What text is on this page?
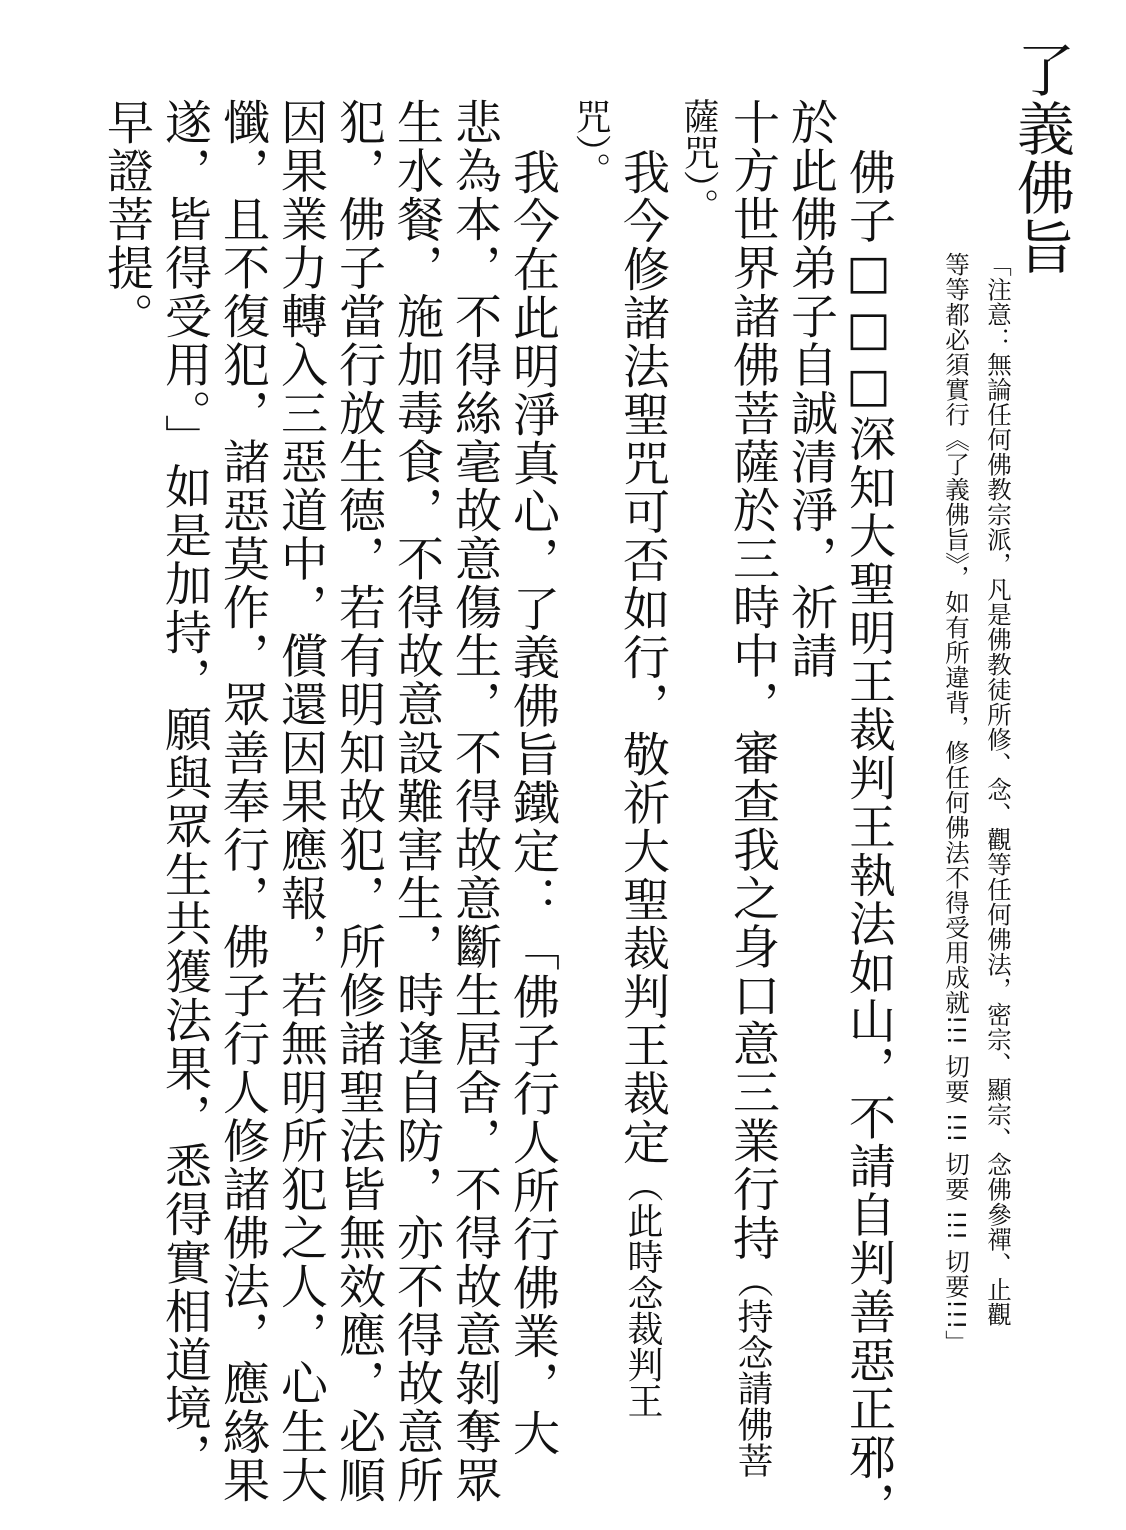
了義佛旨
「注意：無論任何佛教宗派，凡是佛教徒所修、念、觀等任何佛法，密宗、顯宗、念佛參禪、止觀
等等都必須實行《了義佛旨》，如有所違背，修任何佛法不得受用成就!!! 切要 !!! 切要 !!! 切要!!!」
佛子□□□深知大聖明王裁判王執法如山，不請自判善惡正邪，
於此佛弟子自誠清淨，祈請
十方世界諸佛菩薩於三時中，審查我之身口意三業行持（持念請佛菩
薩咒）。
我今修諸法聖咒可否如行，敬祈大聖裁判王裁定（此時念裁判王
咒）。
我今在此明淨真心，了義佛旨鐵定：「佛子行人所行佛業，大
悲為本，不得絲毫故意傷生，不得故意斷生居舍，不得故意剝奪眾
生水餐，施加毒食，不得故意設難害生，時逢自防，亦不得故意所
犯，佛子當行放生德，若有明知故犯，所修諸聖法皆無效應，必順
因果業力轉入三惡道中，償還因果應報，若無明所犯之人，心生大
懺，且不復犯，諸惡莫作，眾善奉行，佛子行人修諸佛法，應緣果
遂，皆得受用。」如是加持，願與眾生共獲法果，悉得實相道境，
早證菩提。
